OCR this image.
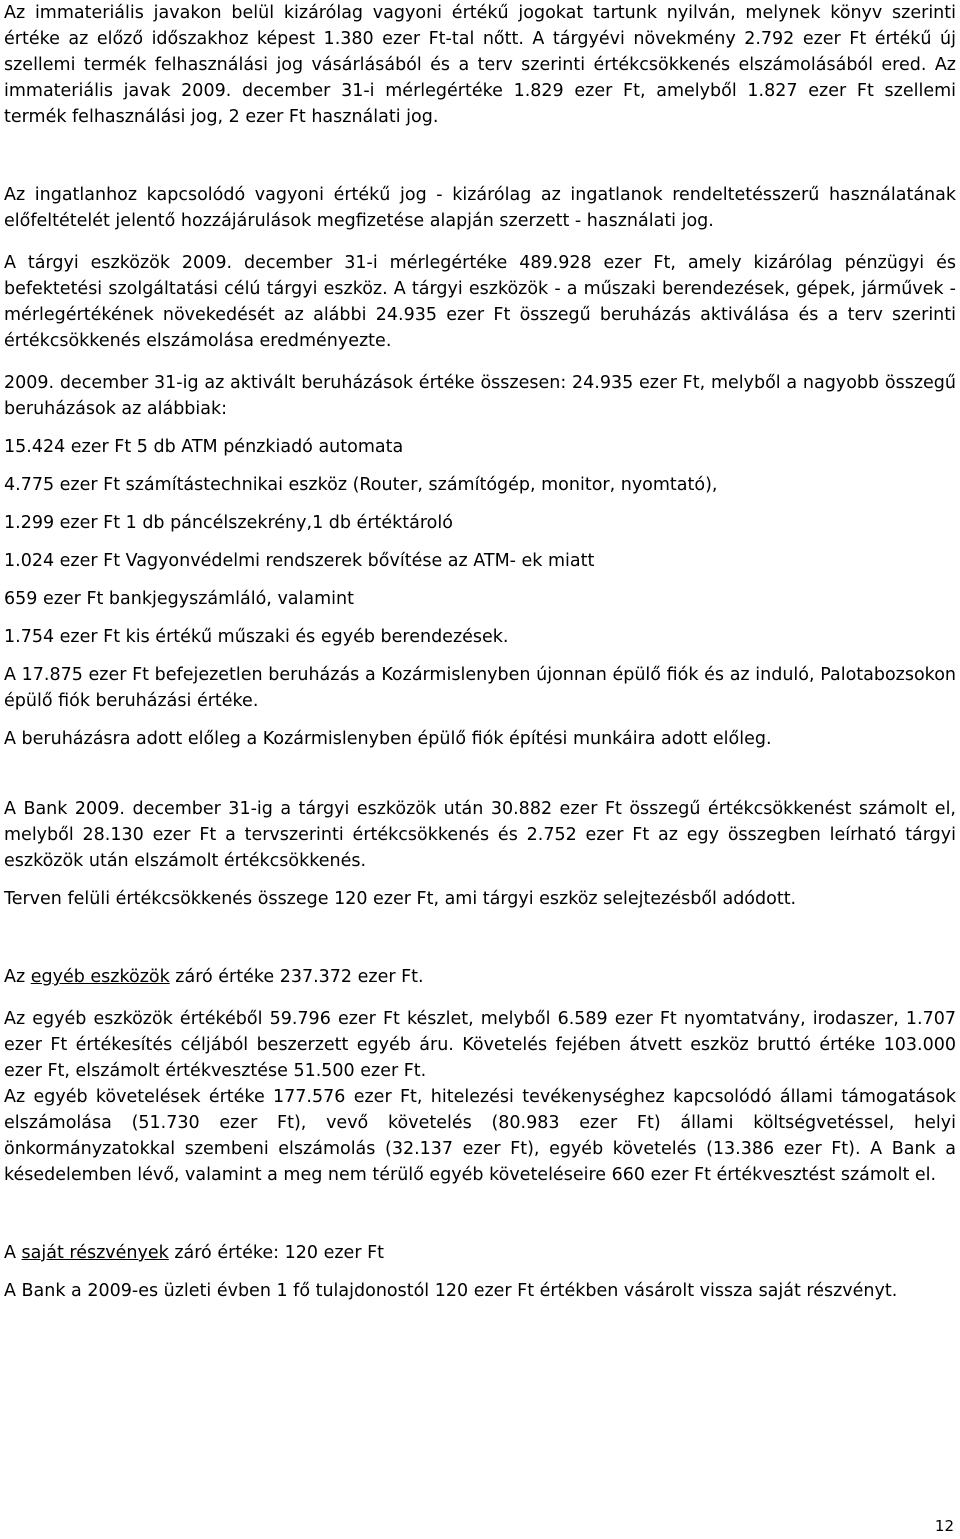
Az immateriális javakon belül kizárólag vagyoni értékű jogokat tartunk nyilván, melynek könyv szerinti értéke az előző időszakhoz képest 1.380 ezer Ft-tal nőtt. A tárgyévi növekmény 2.792 ezer Ft értékű új szellemi termék felhasználási jog vásárlásából és a terv szerinti értékcsökkenés elszámolásából ered. Az immateriális javak 2009. december 31-i mérlegértéke 1.829 ezer Ft, amelyből 1.827 ezer Ft szellemi termék felhasználási jog, 2 ezer Ft használati jog.

Az ingatlanhoz kapcsolódó vagyoni értékű jog - kizárólag az ingatlanok rendeltetésszerű használatának előfeltételét jelentő hozzájárulások megfizetése alapján szerzett - használati jog.

A tárgyi eszközök 2009. december 31-i mérlegértéke 489.928 ezer Ft, amely kizárólag pénzügyi és befektetési szolgáltatási célú tárgyi eszköz. A tárgyi eszközök - a műszaki berendezések, gépek, járművek - mérlegértékének növekedését az alábbi 24.935 ezer Ft összegű beruházás aktiválása és a terv szerinti értékcsökkenés elszámolása eredményezte.

2009. december 31-ig az aktivált beruházások értéke összesen: 24.935 ezer Ft, melyből a nagyobb összegű beruházások az alábbiak:

15.424 ezer Ft 5 db ATM pénzkiadó automata

4.775 ezer Ft számítástechnikai eszköz (Router, számítógép, monitor, nyomtató),

1.299 ezer Ft 1 db páncélszekrény,1 db értéktároló

1.024 ezer Ft Vagyonvédelmi rendszerek bővítése az ATM- ek miatt

659 ezer Ft bankjegyszámláló, valamint

1.754 ezer Ft kis értékű műszaki és egyéb berendezések.

A 17.875 ezer Ft befejezetlen beruházás a Kozármislenyben újonnan épülő fiók és az induló, Palotabozsokon épülő fiók beruházási értéke.

A beruházásra adott előleg a Kozármislenyben épülő fiók építési munkáira adott előleg.

A Bank 2009. december 31-ig a tárgyi eszközök után 30.882 ezer Ft összegű értékcsökkenést számolt el, melyből 28.130 ezer Ft a tervszerinti értékcsökkenés és 2.752 ezer Ft az egy összegben leírható tárgyi eszközök után elszámolt értékcsökkenés.

Terven felüli értékcsökkenés összege 120 ezer Ft, ami tárgyi eszköz selejtezésből adódott.

Az egyéb eszközök záró értéke 237.372 ezer Ft.

Az egyéb eszközök értékéből 59.796 ezer Ft készlet, melyből 6.589 ezer Ft nyomtatvány, irodaszer, 1.707 ezer Ft értékesítés céljából beszerzett egyéb áru. Követelés fejében átvett eszköz bruttó értéke 103.000 ezer Ft, elszámolt értékvesztése 51.500 ezer Ft.

Az egyéb követelések értéke 177.576 ezer Ft, hitelezési tevékenységhez kapcsolódó állami támogatások elszámolása (51.730 ezer Ft), vevő követelés (80.983 ezer Ft) állami költségvetéssel, helyi önkormányzatokkal szembeni elszámolás (32.137 ezer Ft), egyéb követelés (13.386 ezer Ft). A Bank a késedelemben lévő, valamint a meg nem térülő egyéb követeléseire 660 ezer Ft értékvesztést számolt el.

A saját részvények záró értéke: 120 ezer Ft

A Bank a 2009-es üzleti évben 1 fő tulajdonostól 120 ezer Ft értékben vásárolt vissza saját részvényt.

12
